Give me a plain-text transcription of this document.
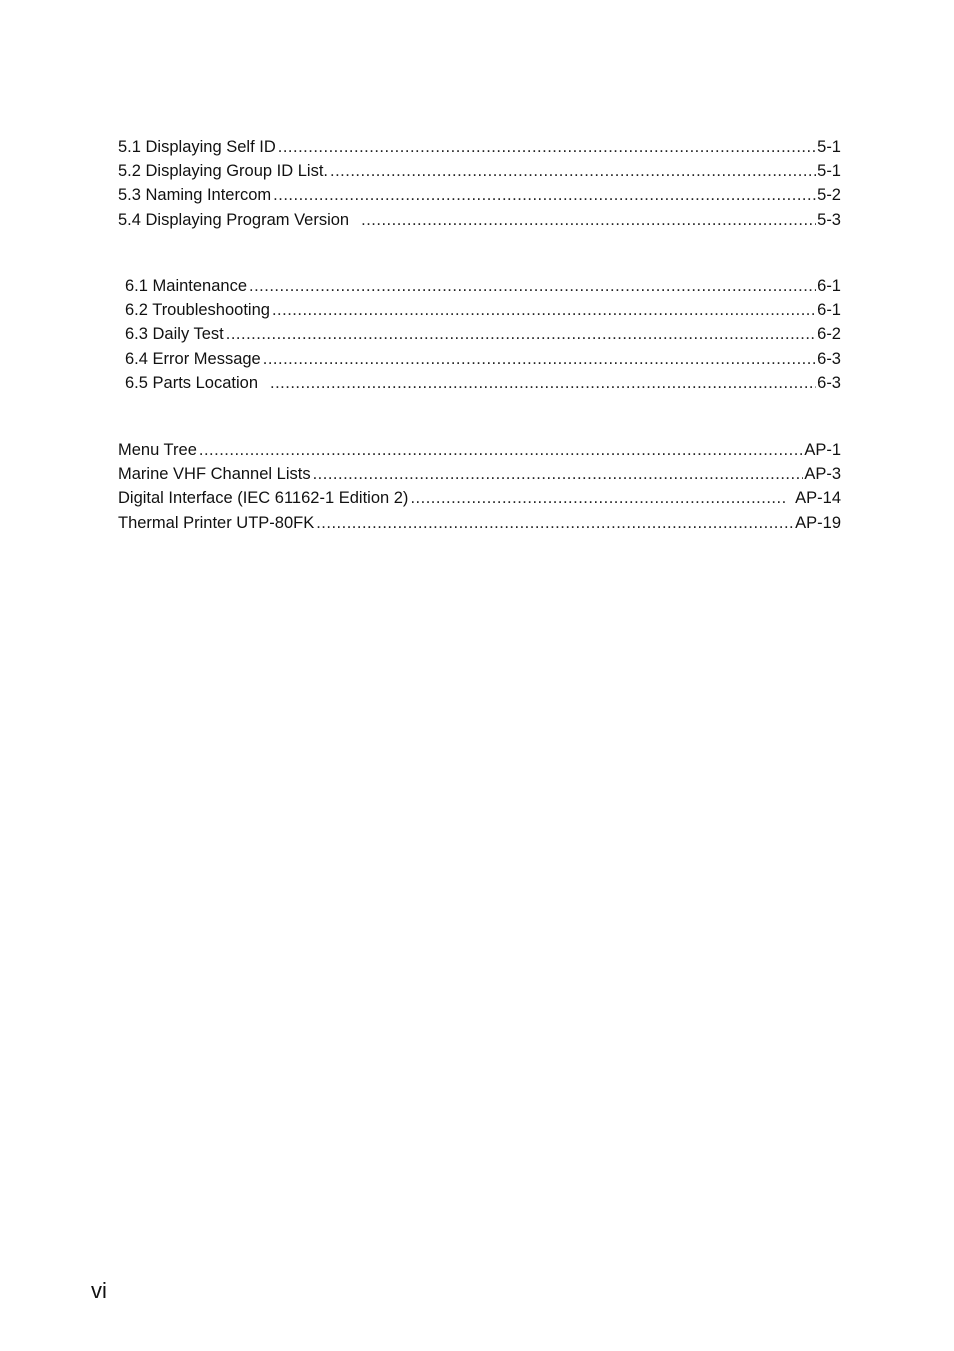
5.1 Displaying Self ID .....	5-1
5.2 Displaying Group ID List. .....	5-1
5.3 Naming Intercom .....	5-2
5.4 Displaying Program Version .....	5-3
6.1 Maintenance .....	6-1
6.2 Troubleshooting .....	6-1
6.3 Daily Test .....	6-2
6.4 Error Message .....	6-3
6.5 Parts Location .....	6-3
Menu Tree .....	AP-1
Marine VHF Channel Lists .....	AP-3
Digital Interface (IEC 61162-1 Edition 2) .....	AP-14
Thermal Printer UTP-80FK .....	AP-19
vi
